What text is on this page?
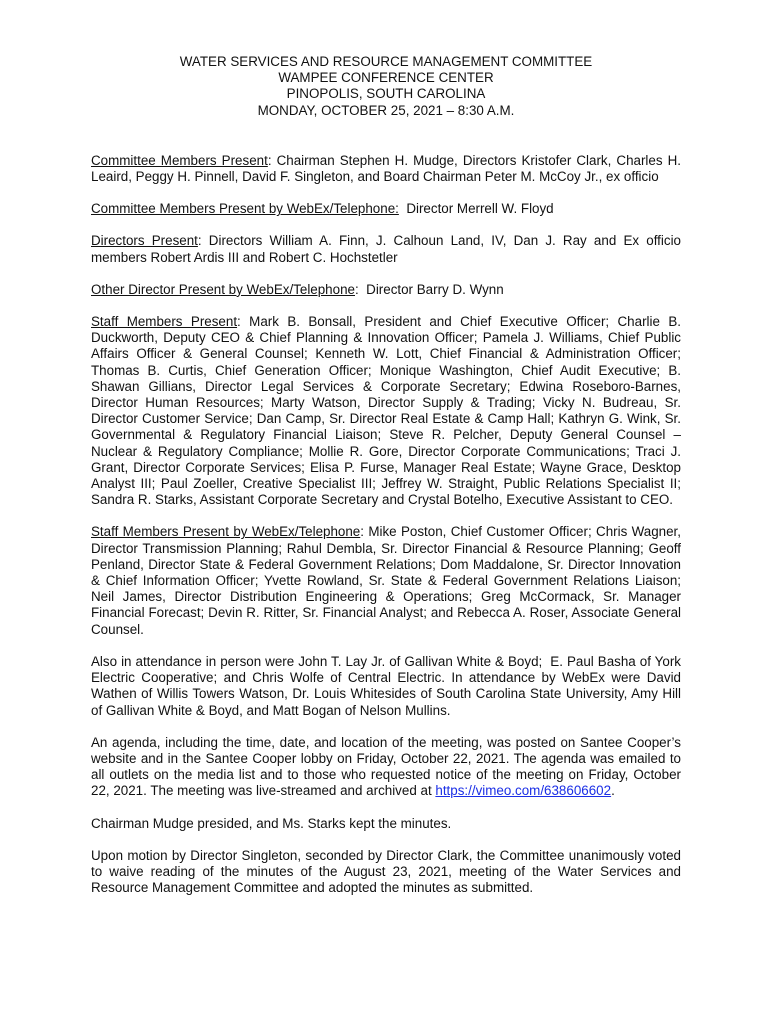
WATER SERVICES AND RESOURCE MANAGEMENT COMMITTEE
WAMPEE CONFERENCE CENTER
PINOPOLIS, SOUTH CAROLINA
MONDAY, OCTOBER 25, 2021 – 8:30 A.M.

Committee Members Present: Chairman Stephen H. Mudge, Directors Kristofer Clark, Charles H. Leaird, Peggy H. Pinnell, David F. Singleton, and Board Chairman Peter M. McCoy Jr., ex officio

Committee Members Present by WebEx/Telephone:  Director Merrell W. Floyd

Directors Present: Directors William A. Finn, J. Calhoun Land, IV, Dan J. Ray and Ex officio members Robert Ardis III and Robert C. Hochstetler

Other Director Present by WebEx/Telephone:  Director Barry D. Wynn

Staff Members Present: Mark B. Bonsall, President and Chief Executive Officer; Charlie B. Duckworth, Deputy CEO & Chief Planning & Innovation Officer; Pamela J. Williams, Chief Public Affairs Officer & General Counsel; Kenneth W. Lott, Chief Financial & Administration Officer; Thomas B. Curtis, Chief Generation Officer; Monique Washington, Chief Audit Executive; B. Shawan Gillians, Director Legal Services & Corporate Secretary; Edwina Roseboro-Barnes, Director Human Resources; Marty Watson, Director Supply & Trading; Vicky N. Budreau, Sr. Director Customer Service; Dan Camp, Sr. Director Real Estate & Camp Hall; Kathryn G. Wink, Sr. Governmental & Regulatory Financial Liaison; Steve R. Pelcher, Deputy General Counsel – Nuclear & Regulatory Compliance; Mollie R. Gore, Director Corporate Communications; Traci J. Grant, Director Corporate Services; Elisa P. Furse, Manager Real Estate; Wayne Grace, Desktop Analyst III; Paul Zoeller, Creative Specialist III; Jeffrey W. Straight, Public Relations Specialist II; Sandra R. Starks, Assistant Corporate Secretary and Crystal Botelho, Executive Assistant to CEO.

Staff Members Present by WebEx/Telephone: Mike Poston, Chief Customer Officer; Chris Wagner, Director Transmission Planning; Rahul Dembla, Sr. Director Financial & Resource Planning; Geoff Penland, Director State & Federal Government Relations; Dom Maddalone, Sr. Director Innovation & Chief Information Officer; Yvette Rowland, Sr. State & Federal Government Relations Liaison; Neil James, Director Distribution Engineering & Operations; Greg McCormack, Sr. Manager Financial Forecast; Devin R. Ritter, Sr. Financial Analyst; and Rebecca A. Roser, Associate General Counsel.

Also in attendance in person were John T. Lay Jr. of Gallivan White & Boyd;  E. Paul Basha of York Electric Cooperative; and Chris Wolfe of Central Electric. In attendance by WebEx were David Wathen of Willis Towers Watson, Dr. Louis Whitesides of South Carolina State University, Amy Hill of Gallivan White & Boyd, and Matt Bogan of Nelson Mullins.

An agenda, including the time, date, and location of the meeting, was posted on Santee Cooper’s website and in the Santee Cooper lobby on Friday, October 22, 2021. The agenda was emailed to all outlets on the media list and to those who requested notice of the meeting on Friday, October 22, 2021. The meeting was live-streamed and archived at https://vimeo.com/638606602.

Chairman Mudge presided, and Ms. Starks kept the minutes.

Upon motion by Director Singleton, seconded by Director Clark, the Committee unanimously voted to waive reading of the minutes of the August 23, 2021, meeting of the Water Services and Resource Management Committee and adopted the minutes as submitted.
